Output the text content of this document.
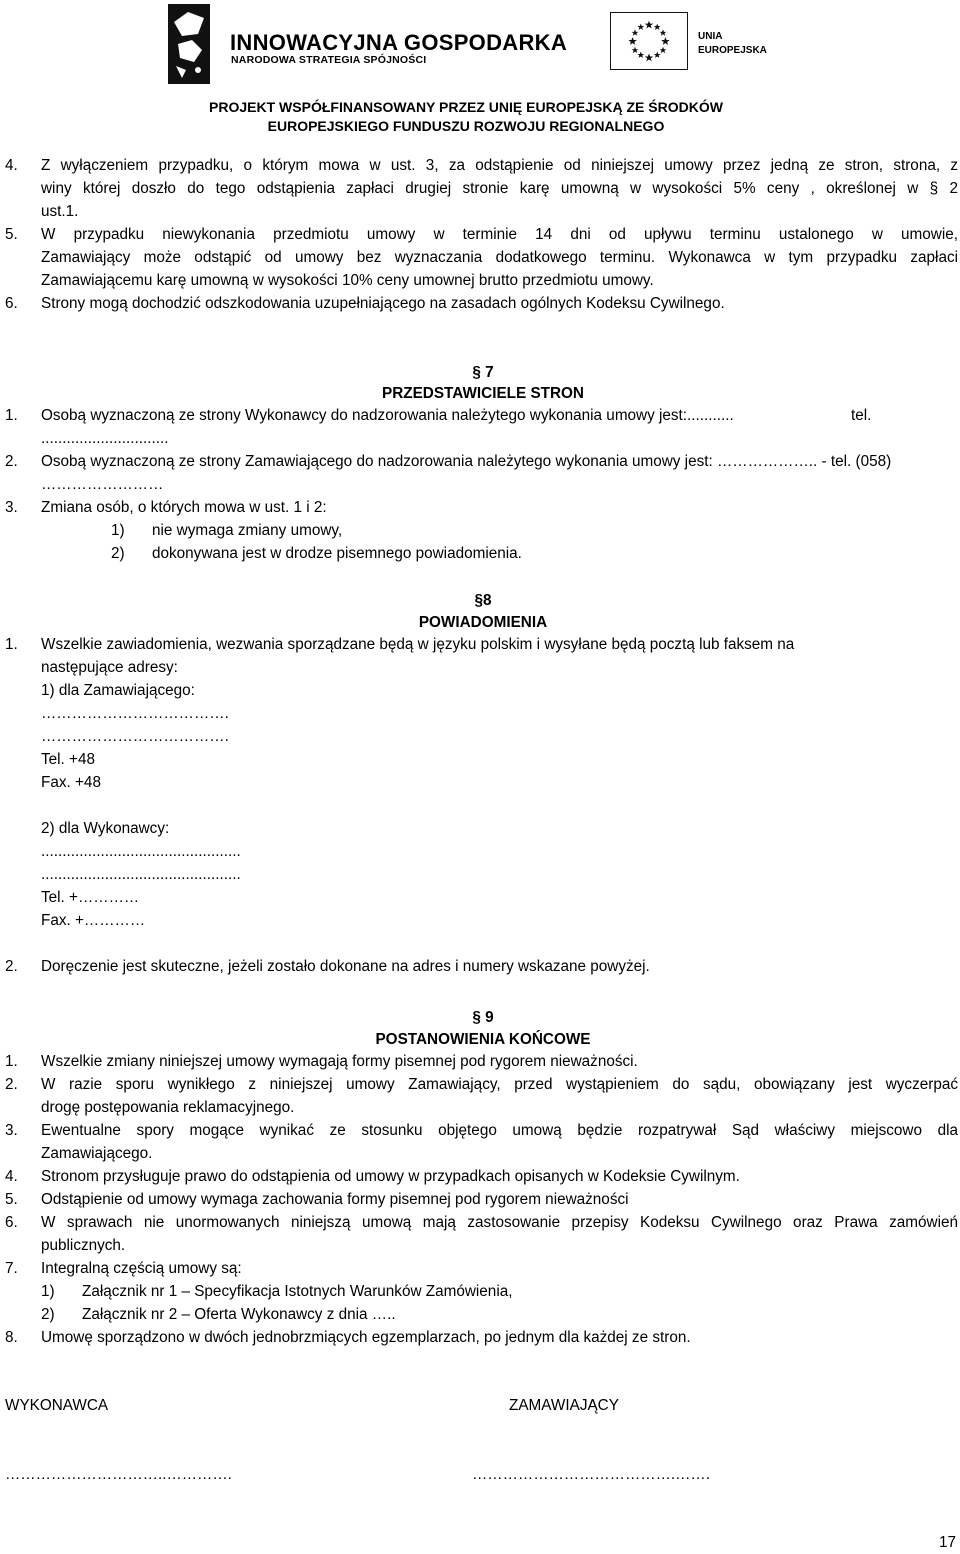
INNOWACYJNA GOSPODARKA
NARODOWA STRATEGIA SPÓJNOŚCI
UNIA
EUROPEJSKA
PROJEKT WSPÓŁFINANSOWANY PRZEZ UNIĘ EUROPEJSKĄ ZE ŚRODKÓW
EUROPEJSKIEGO FUNDUSZU ROZWOJU REGIONALNEGO
4. Z wyłączeniem przypadku, o którym mowa w ust. 3, za odstąpienie od niniejszej umowy przez jedną ze stron, strona, z
winy której doszło do tego odstąpienia zapłaci drugiej stronie karę umowną w wysokości 5% ceny , określonej w § 2
ust.1.
5. W przypadku niewykonania przedmiotu umowy w terminie 14 dni od upływu terminu ustalonego w umowie,
Zamawiający może odstąpić od umowy bez wyznaczania dodatkowego terminu. Wykonawca w tym przypadku zapłaci
Zamawiającemu karę umowną w wysokości 10% ceny umownej brutto przedmiotu umowy.
6. Strony mogą dochodzić odszkodowania uzupełniającego na zasadach ogólnych Kodeksu Cywilnego.
§ 7
PRZEDSTAWICIELE STRON
1. Osobą wyznaczoną ze strony Wykonawcy do nadzorowania należytego wykonania umowy jest:...........	tel.
..............................
2. Osobą wyznaczoną ze strony Zamawiającego do nadzorowania należytego wykonania umowy jest: ……………….. - tel. (058)
……………………
3. Zmiana osób, o których mowa w ust. 1 i 2:
1) nie wymaga zmiany umowy,
2) dokonywana jest w drodze pisemnego powiadomienia.
§8
POWIADOMIENIA
1. Wszelkie zawiadomienia, wezwania sporządzane będą w języku polskim i wysyłane będą pocztą lub faksem na
następujące adresy:
1) dla Zamawiającego:
……………………………….
……………………………….
Tel. +48
Fax. +48
2) dla Wykonawcy:
...............................................
...............................................
Tel. +…………
Fax. +…………
2. Doręczenie jest skuteczne, jeżeli zostało dokonane na adres i numery wskazane powyżej.
§ 9
POSTANOWIENIA KOŃCOWE
1. Wszelkie zmiany niniejszej umowy wymagają formy pisemnej pod rygorem nieważności.
2. W razie sporu wynikłego z niniejszej umowy Zamawiający, przed wystąpieniem do sądu, obowiązany jest wyczerpać
drogę postępowania reklamacyjnego.
3. Ewentualne spory mogące wynikać ze stosunku objętego umową będzie rozpatrywał Sąd właściwy miejscowo dla
Zamawiającego.
4. Stronom przysługuje prawo do odstąpienia od umowy w przypadkach opisanych w Kodeksie Cywilnym.
5. Odstąpienie od umowy wymaga zachowania formy pisemnej pod rygorem nieważności
6. W sprawach nie unormowanych niniejszą umową mają zastosowanie przepisy Kodeksu Cywilnego oraz Prawa zamówień
publicznych.
7. Integralną częścią umowy są:
1) Załącznik nr 1 – Specyfikacja Istotnych Warunków Zamówienia,
2) Załącznik nr 2 – Oferta Wykonawcy z dnia …..
8. Umowę sporządzono w dwóch jednobrzmiących egzemplarzach, po jednym dla każdej ze stron.
WYKONAWCA	ZAMAWIAJĄCY
…………………………..………….	………………………………….…….
17
